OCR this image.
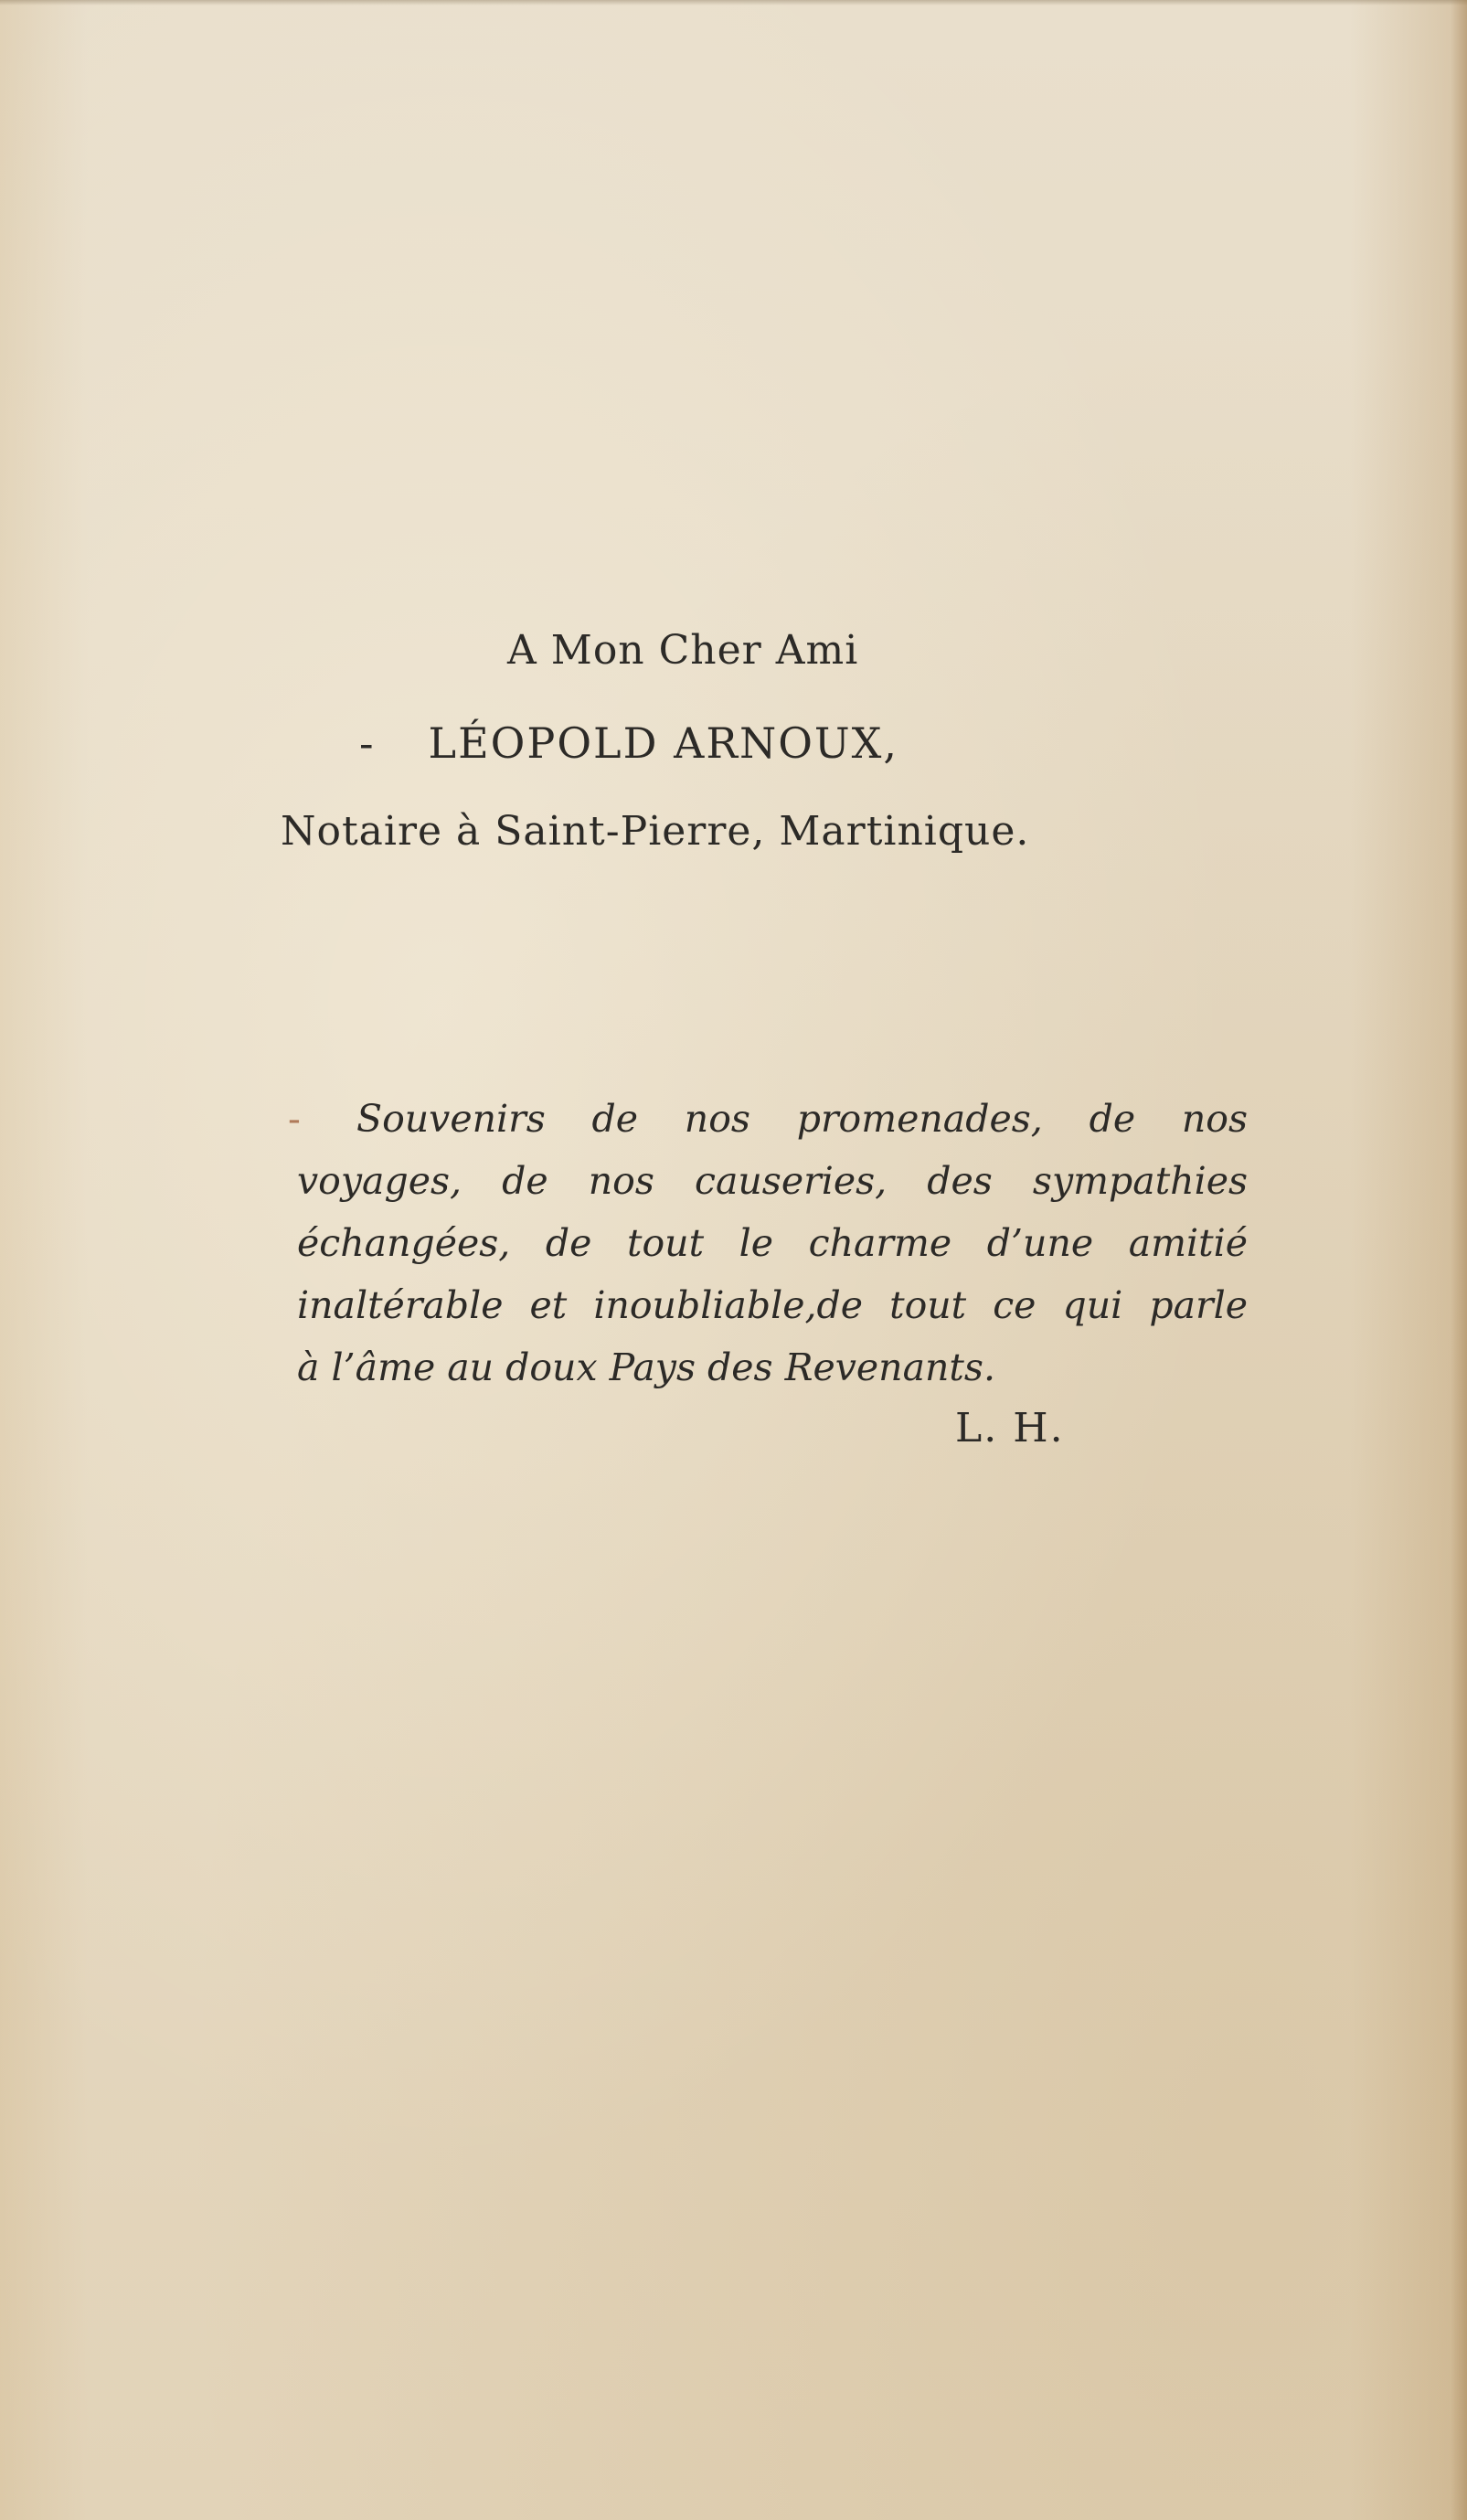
A Mon Cher Ami
- LÉOPOLD ARNOUX,
Notaire à Saint-Pierre, Martinique.
-	Souvenirs de nos promenades, de nos
voyages, de nos causeries, des sympathies
échangées, de tout le charme d’une amitié
inaltérable et inoubliable,de tout ce qui parle
à l’âme au doux Pays des Revenants.
L. H.
